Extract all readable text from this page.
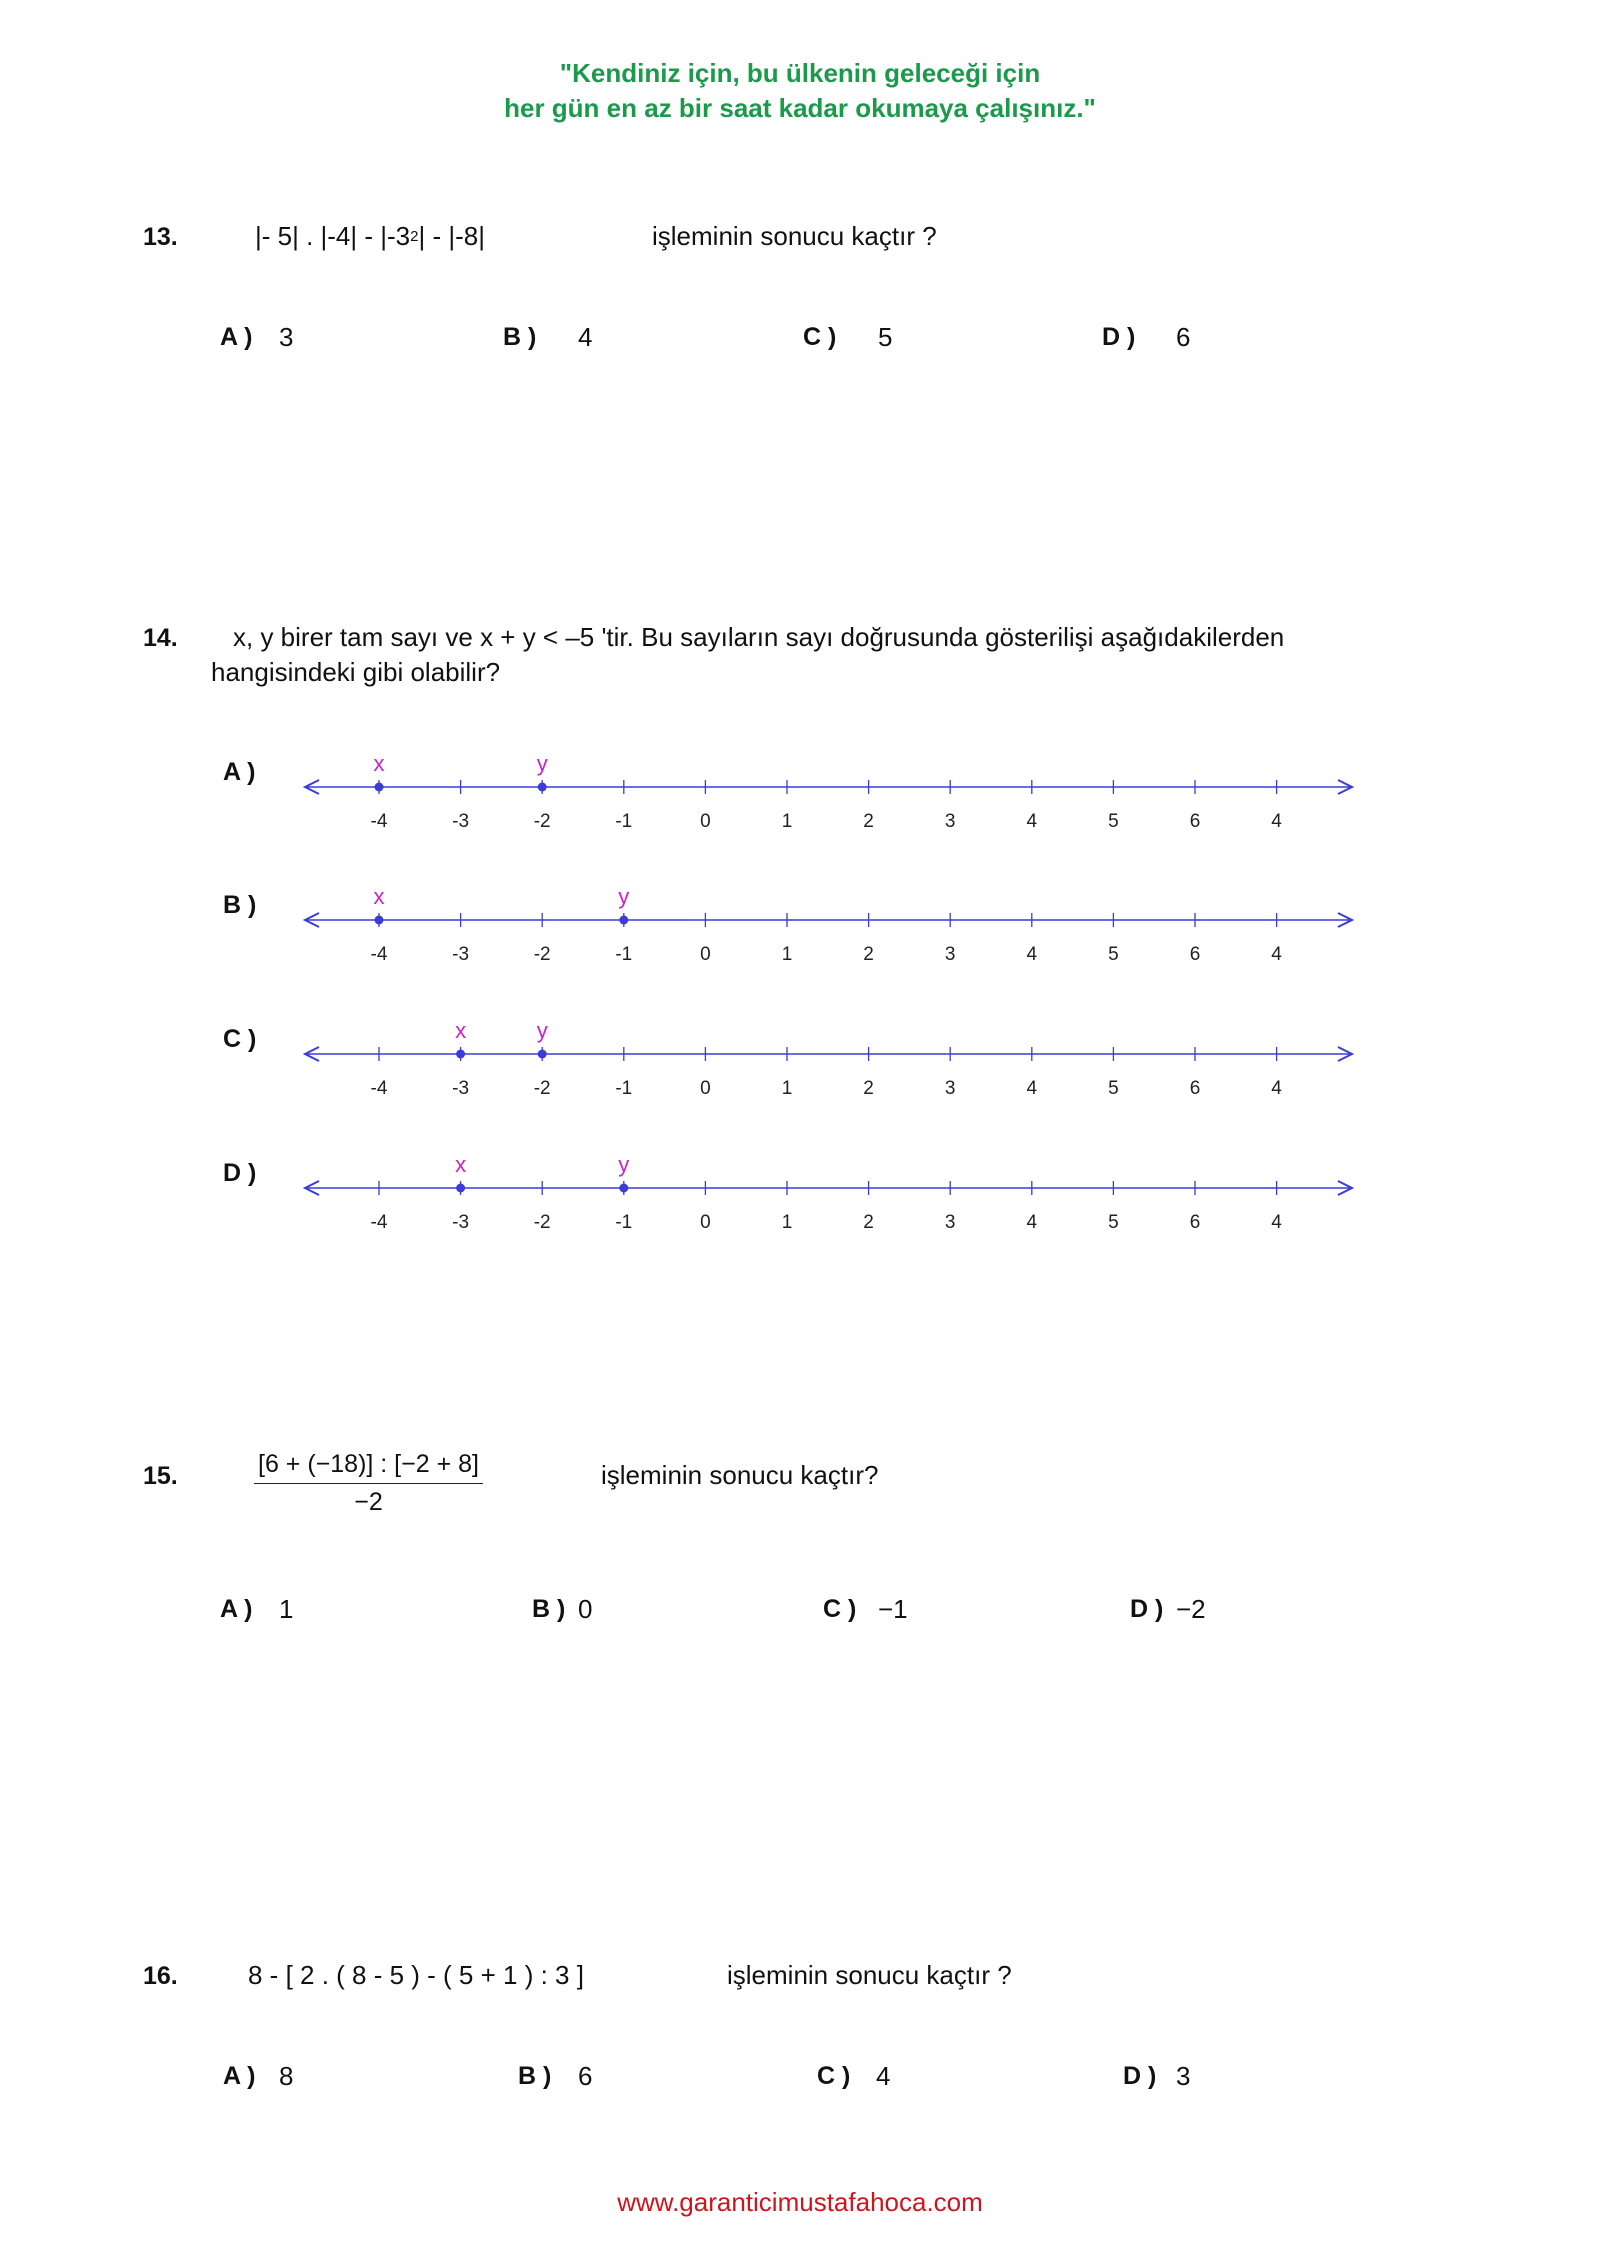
"Kendiniz için, bu ülkenin geleceği için
her gün en az bir saat kadar okumaya çalışınız."
13.	|- 5| . $|-4| - |-3^2| - |-8|$	işleminin sonucu kaçtır ?
A ) 3	B ) 4	C ) 5	D ) 6
14. x, y birer tam sayı ve x + y < –5 'tir. Bu sayıların sayı doğrusunda gösterilişi aşağıdakilerden
hangisindeki gibi olabilir?
A )
B )
C )
D )
-4	-3	-2	-1	0	1	2	3	4	5	6	4
x	y
-4	-3	-2	-1	0	1	2	3	4	5	6	4
x	y
-4	-3	-2	-1	0	1	2	3	4	5	6	4
x	y
-4	-3	-2	-1	0	1	2	3	4	5	6	4
x	y
15.	$\frac{[6 + (-18)] : [-2 + 8]}{-2}$	işleminin sonucu kaçtır?
A ) 1	B ) 0	C ) −1	D ) −2
16.	8 - [ 2 . ( 8 - 5 ) - ( 5 + 1 ) : 3 ]	işleminin sonucu kaçtır ?
A ) 8	B ) 6	C ) 4	D ) 3
www.garanticimustafahoca.com
